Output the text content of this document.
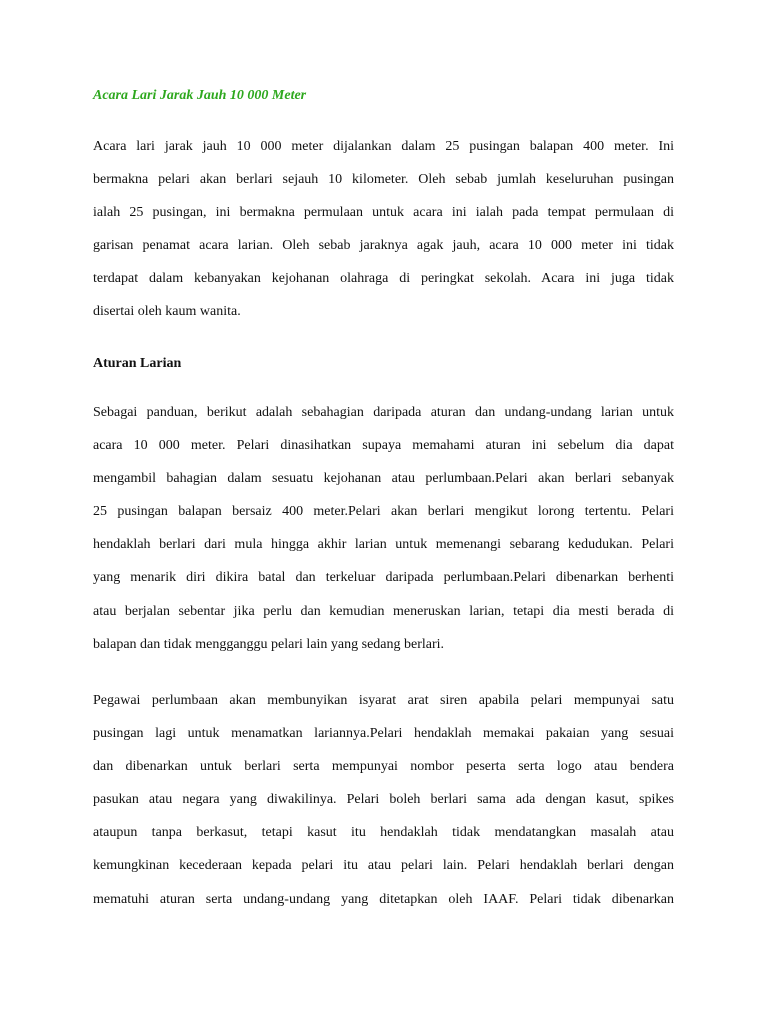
Acara Lari Jarak Jauh 10 000 Meter

Acara lari jarak jauh 10 000 meter dijalankan dalam 25 pusingan balapan 400 meter. Ini
bermakna pelari akan berlari sejauh 10 kilometer. Oleh sebab jumlah keseluruhan pusingan
ialah 25 pusingan, ini bermakna permulaan untuk acara ini ialah pada tempat permulaan di
garisan penamat acara larian. Oleh sebab jaraknya agak jauh, acara 10 000 meter ini tidak
terdapat dalam kebanyakan kejohanan olahraga di peringkat sekolah. Acara ini juga tidak
disertai oleh kaum wanita.

Aturan Larian

Sebagai panduan, berikut adalah sebahagian daripada aturan dan undang-undang larian untuk
acara 10 000 meter. Pelari dinasihatkan supaya memahami aturan ini sebelum dia dapat
mengambil bahagian dalam sesuatu kejohanan atau perlumbaan.Pelari akan berlari sebanyak
25 pusingan balapan bersaiz 400 meter.Pelari akan berlari mengikut lorong tertentu. Pelari
hendaklah berlari dari mula hingga akhir larian untuk memenangi sebarang kedudukan. Pelari
yang menarik diri dikira batal dan terkeluar daripada perlumbaan.Pelari dibenarkan berhenti
atau berjalan sebentar jika perlu dan kemudian meneruskan larian, tetapi dia mesti berada di
balapan dan tidak mengganggu pelari lain yang sedang berlari.

Pegawai perlumbaan akan membunyikan isyarat arat siren apabila pelari mempunyai satu
pusingan lagi untuk menamatkan lariannya.Pelari hendaklah memakai pakaian yang sesuai
dan dibenarkan untuk berlari serta mempunyai nombor peserta serta logo atau bendera
pasukan atau negara yang diwakilinya. Pelari boleh berlari sama ada dengan kasut, spikes
ataupun tanpa berkasut, tetapi kasut itu hendaklah tidak mendatangkan masalah atau
kemungkinan kecederaan kepada pelari itu atau pelari lain. Pelari hendaklah berlari dengan
mematuhi aturan serta undang-undang yang ditetapkan oleh IAAF. Pelari tidak dibenarkan
